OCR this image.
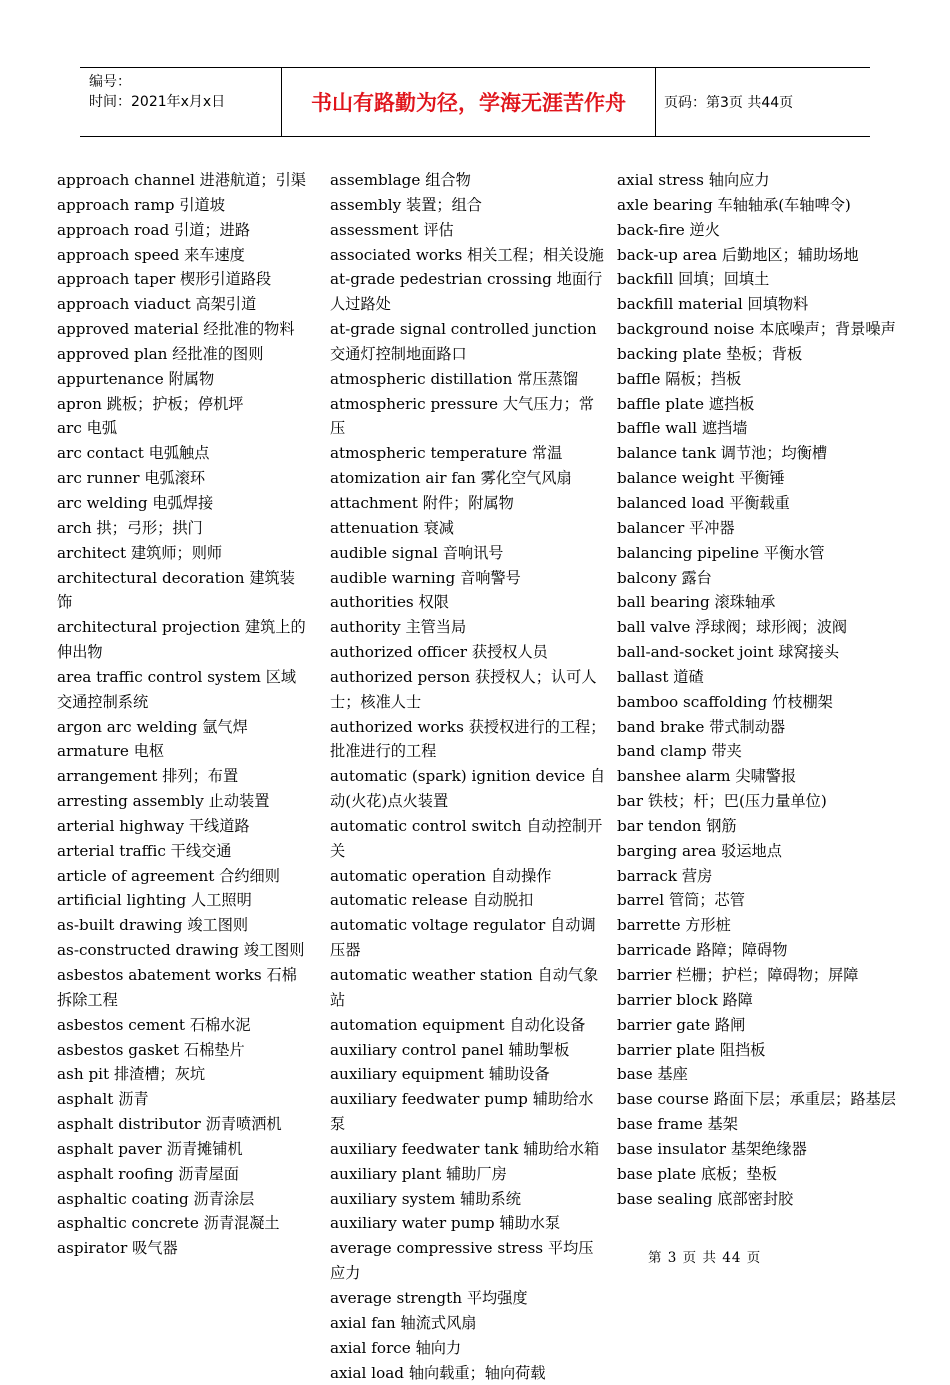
编号：
时间：2021年x月x日	书山有路勤为径，学海无涯苦作舟	页码：第3页 共44页

approach channel 进港航道；引渠

approach ramp 引道坡

approach road 引道；进路

approach speed 来车速度

approach taper 楔形引道路段

approach viaduct 高架引道

approved material 经批准的物料

approved plan 经批准的图则

appurtenance 附属物

apron 跳板；护板；停机坪

arc 电弧

arc contact 电弧触点

arc runner 电弧滚环

arc welding 电弧焊接

arch 拱；弓形；拱门

architect 建筑师；则师

architectural decoration 建筑装饰

architectural projection 建筑上的伸出物

area traffic control system 区域交通控制系统

argon arc welding 氩气焊

armature 电枢

arrangement 排列；布置

arresting assembly 止动装置

arterial highway 干线道路

arterial traffic 干线交通

article of agreement 合约细则

artificial lighting 人工照明

as-built drawing 竣工图则

as-constructed drawing 竣工图则

asbestos abatement works 石棉拆除工程

asbestos cement 石棉水泥

asbestos gasket 石棉垫片

ash pit 排渣槽；灰坑

asphalt 沥青

asphalt distributor 沥青喷洒机

asphalt paver 沥青摊铺机

asphalt roofing 沥青屋面

asphaltic coating 沥青涂层

asphaltic concrete 沥青混凝土

aspirator 吸气器

assemblage 组合物

assembly 装置；组合

assessment 评估

associated works 相关工程；相关设施

at-grade pedestrian crossing 地面行人过路处

at-grade signal controlled junction 交通灯控制地面路口

atmospheric distillation 常压蒸馏

atmospheric pressure 大气压力；常压

atmospheric temperature 常温

atomization air fan 雾化空气风扇

attachment 附件；附属物

attenuation 衰减

audible signal 音响讯号

audible warning 音响警号

authorities 权限

authority 主管当局

authorized officer 获授权人员

authorized person 获授权人；认可人士；核准人士

authorized works 获授权进行的工程；批准进行的工程

automatic (spark) ignition device 自动(火花)点火装置

automatic control switch 自动控制开关

automatic operation 自动操作

automatic release 自动脱扣

automatic voltage regulator 自动调压器

automatic weather station 自动气象站

automation equipment 自动化设备

auxiliary control panel 辅助掣板

auxiliary equipment 辅助设备

auxiliary feedwater pump 辅助给水泵

auxiliary feedwater tank 辅助给水箱

auxiliary plant 辅助厂房

auxiliary system 辅助系统

auxiliary water pump 辅助水泵

average compressive stress 平均压应力

average strength 平均强度

axial fan 轴流式风扇

axial force 轴向力

axial load 轴向载重；轴向荷载

axial stress 轴向应力

axle bearing 车轴轴承(车轴啤令)

back-fire 逆火

back-up area 后勤地区；辅助场地

backfill 回填；回填土

backfill material 回填物料

background noise 本底噪声；背景噪声

backing plate 垫板；背板

baffle 隔板；挡板

baffle plate 遮挡板

baffle wall 遮挡墙

balance tank 调节池；均衡槽

balance weight 平衡锤

balanced load 平衡载重

balancer 平冲器

balancing pipeline 平衡水管

balcony 露台

ball bearing 滚珠轴承

ball valve 浮球阀；球形阀；波阀

ball-and-socket joint 球窝接头

ballast 道碴

bamboo scaffolding 竹枝棚架

band brake 带式制动器

band clamp 带夹

banshee alarm 尖啸警报

bar 铁枝；杆；巴(压力量单位)

bar tendon 钢筋

barging area 驳运地点

barrack 营房

barrel 管筒；芯管

barrette 方形桩

barricade 路障；障碍物

barrier 栏栅；护栏；障碍物；屏障

barrier block 路障

barrier gate 路闸

barrier plate 阻挡板

base 基座

base course 路面下层；承重层；路基层

base frame 基架

base insulator 基架绝缘器

base plate 底板；垫板

base sealing 底部密封胶

第 3 页 共 44 页
